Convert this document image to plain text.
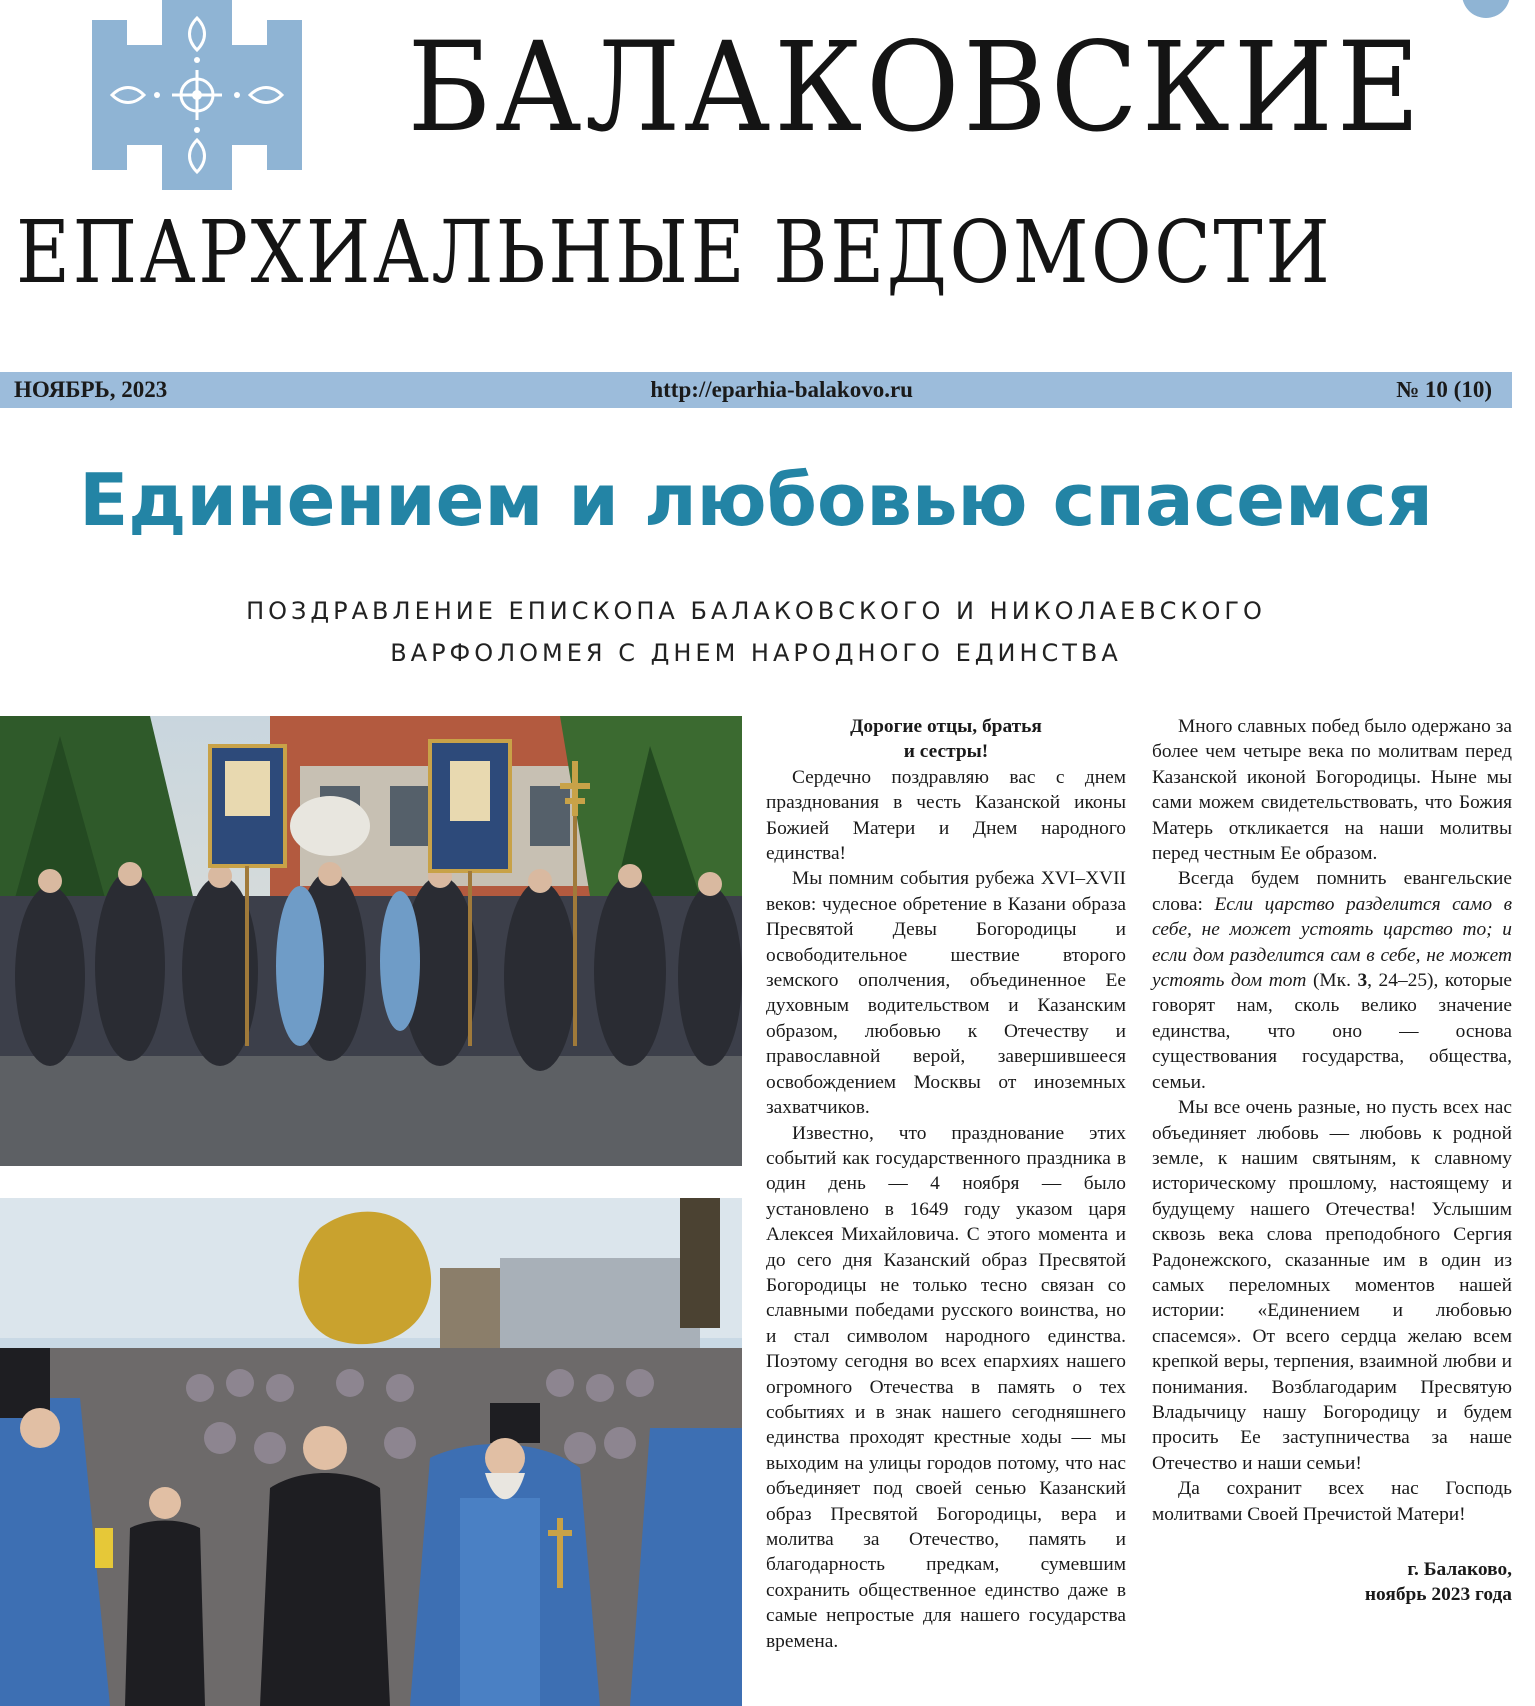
БАЛАКОВСКИЕ
ЕПАРХИАЛЬНЫЕ ВЕДОМОСТИ
НОЯБРЬ, 2023	http://eparhia-balakovo.ru	№ 10 (10)
Единением и любовью спасемся
ПОЗДРАВЛЕНИЕ ЕПИСКОПА БАЛАКОВСКОГО И НИКОЛАЕВСКОГО
ВАРФОЛОМЕЯ С ДНЕМ НАРОДНОГО ЕДИНСТВА

Дорогие отцы, братья
и сестры!

Сердечно поздравляю вас с днем празднования в честь Казанской иконы Божией Матери и Днем народного единства!

Мы помним события рубежа XVI–XVII веков: чудесное обретение в Казани образа Пресвятой Девы Богородицы и освободительное шествие второго земского ополчения, объединенное Ее духовным водительством и Казанским образом, любовью к Отечеству и православной верой, завершившееся освобождением Москвы от иноземных захватчиков.

Известно, что празднование этих событий как государственного праздника в один день — 4 ноября — было установлено в 1649 году указом царя Алексея Михайловича. С этого момента и до сего дня Казанский образ Пресвятой Богородицы не только тесно связан со славными победами русского воинства, но и стал символом народного единства. Поэтому сегодня во всех епархиях нашего огромного Отечества в память о тех событиях и в знак нашего сегодняшнего единства проходят крестные ходы — мы выходим на улицы городов потому, что нас объединяет под своей сенью Казанский образ Пресвятой Богородицы, вера и молитва за Отечество, память и благодарность предкам, сумевшим сохранить общественное единство даже в самые непростые для нашего государства времена.

Много славных побед было одержано за более чем четыре века по молитвам перед Казанской иконой Богородицы. Ныне мы сами можем свидетельствовать, что Божия Матерь откликается на наши молитвы перед честным Ее образом.

Всегда будем помнить евангельские слова: Если царство разделится само в себе, не может устоять царство то; и если дом разделится сам в себе, не может устоять дом тот (Мк. 3, 24–25), которые говорят нам, сколь велико значение единства, что оно — основа существования государства, общества, семьи.

Мы все очень разные, но пусть всех нас объединяет любовь — любовь к родной земле, к нашим святыням, к славному историческому прошлому, настоящему и будущему нашего Отечества! Услышим сквозь века слова преподобного Сергия Радонежского, сказанные им в один из самых переломных моментов нашей истории: «Единением и любовью спасемся». От всего сердца желаю всем крепкой веры, терпения, взаимной любви и понимания. Возблагодарим Пресвятую Владычицу нашу Богородицу и будем просить Ее заступничества за наше Отечество и наши семьи!

Да сохранит всех нас Господь молитвами Своей Пречистой Матери!

г. Балаково,
ноябрь 2023 года
